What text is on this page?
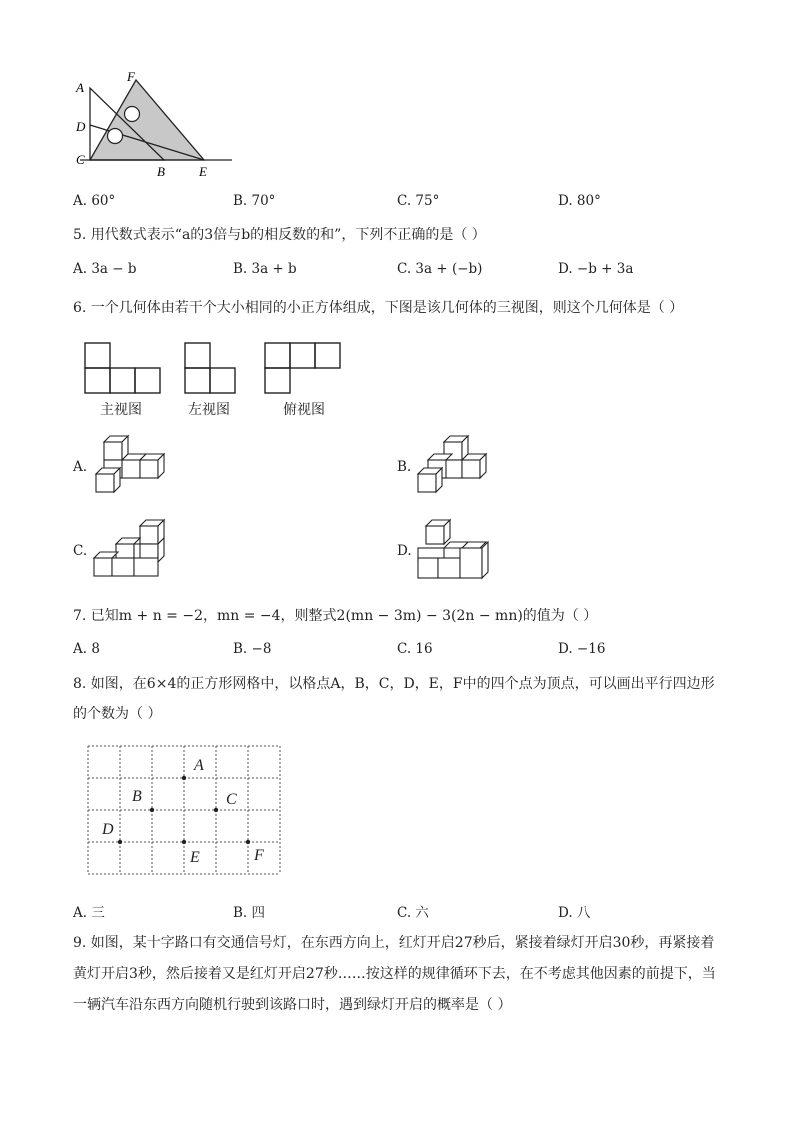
A
F
D
C
B	E
A. 60°	B. 70°	C. 75°	D. 80°
5. 用代数式表示“a的3倍与b的相反数的和”，下列不正确的是（ ）
A. 3a − b	B. 3a + b	C. 3a + (−b)	D. −b + 3a
6. 一个几何体由若干个大小相同的小正方体组成，下图是该几何体的三视图，则这个几何体是（ ）
主视图	左视图	俯视图
A.	B.
C.	D.
7. 已知m + n = −2，mn = −4，则整式2(mn − 3m) − 3(2n − mn)的值为（ ）
A. 8	B. −8	C. 16	D. −16
8. 如图，在6×4的正方形网格中，以格点A，B，C，D，E，F中的四个点为顶点，可以画出平行四边形
的个数为（ ）
A
B	C
D
E	F
A. 三	B. 四	C. 六	D. 八
9. 如图，某十字路口有交通信号灯，在东西方向上，红灯开启27秒后，紧接着绿灯开启30秒，再紧接着
黄灯开启3秒，然后接着又是红灯开启27秒……按这样的规律循环下去，在不考虑其他因素的前提下，当
一辆汽车沿东西方向随机行驶到该路口时，遇到绿灯开启的概率是（ ）
